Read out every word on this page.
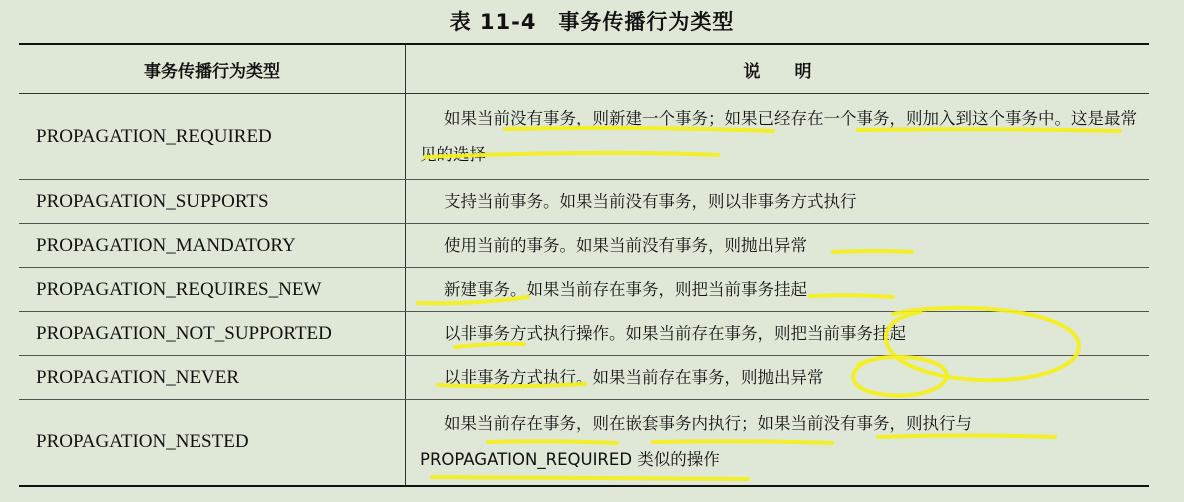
表 11-4　事务传播行为类型
事务传播行为类型	说　　明
PROPAGATION_REQUIRED	如果当前没有事务，则新建一个事务；如果已经存在一个事务，则加入到这个事务中。这是最常见的选择
PROPAGATION_SUPPORTS	支持当前事务。如果当前没有事务，则以非事务方式执行
PROPAGATION_MANDATORY	使用当前的事务。如果当前没有事务，则抛出异常
PROPAGATION_REQUIRES_NEW	新建事务。如果当前存在事务，则把当前事务挂起
PROPAGATION_NOT_SUPPORTED	以非事务方式执行操作。如果当前存在事务，则把当前事务挂起
PROPAGATION_NEVER	以非事务方式执行。如果当前存在事务，则抛出异常
PROPAGATION_NESTED	如果当前存在事务，则在嵌套事务内执行；如果当前没有事务，则执行与PROPAGATION_REQUIRED 类似的操作
